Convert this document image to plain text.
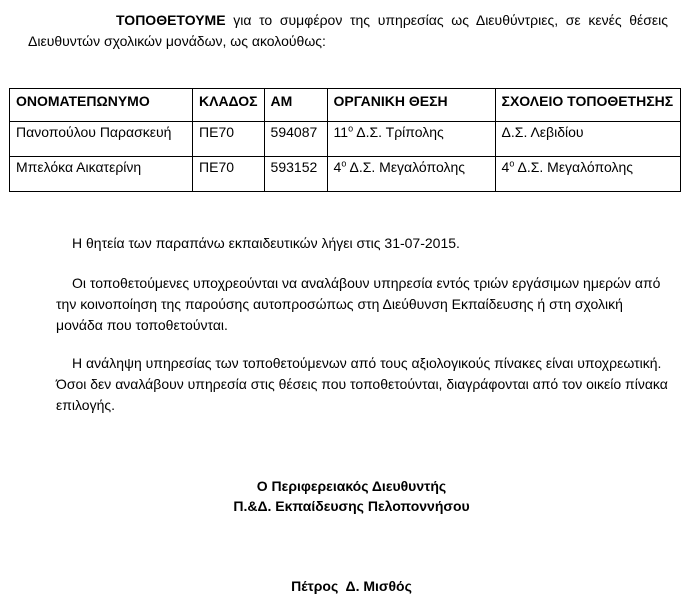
ΤΟΠΟΘΕΤΟΥΜΕ για το συμφέρον της υπηρεσίας ως Διευθύντριες, σε κενές θέσεις
Διευθυντών σχολικών μονάδων, ως ακολούθως:
ΟΝΟΜΑΤΕΠΩΝΥΜΟ	ΚΛΑΔΟΣ	ΑΜ	ΟΡΓΑΝΙΚΗ ΘΕΣΗ	ΣΧΟΛΕΙΟ ΤΟΠΟΘΕΤΗΣΗΣ
Πανοπούλου Παρασκευή	ΠΕ70	594087	$11^o$ Δ.Σ. Τρίπολης	Δ.Σ. Λεβιδίου
Μπελόκα Αικατερίνη	ΠΕ70	593152	$4^o$ Δ.Σ. Μεγαλόπολης	$4^o$ Δ.Σ. Μεγαλόπολης
Η θητεία των παραπάνω εκπαιδευτικών λήγει στις 31-07-2015.
Οι τοποθετούμενες υποχρεούνται να αναλάβουν υπηρεσία εντός τριών εργάσιμων ημερών από την κοινοποίηση της παρούσης αυτοπροσώπως στη Διεύθυνση Εκπαίδευσης ή στη σχολική μονάδα που τοποθετούνται.
Η ανάληψη υπηρεσίας των τοποθετούμενων από τους αξιολογικούς πίνακες είναι υποχρεωτική. Όσοι δεν αναλάβουν υπηρεσία στις θέσεις που τοποθετούνται, διαγράφονται από τον οικείο πίνακα επιλογής.
Ο Περιφερειακός Διευθυντής
Π.&Δ. Εκπαίδευσης Πελοποννήσου
Πέτρος  Δ. Μισθός
